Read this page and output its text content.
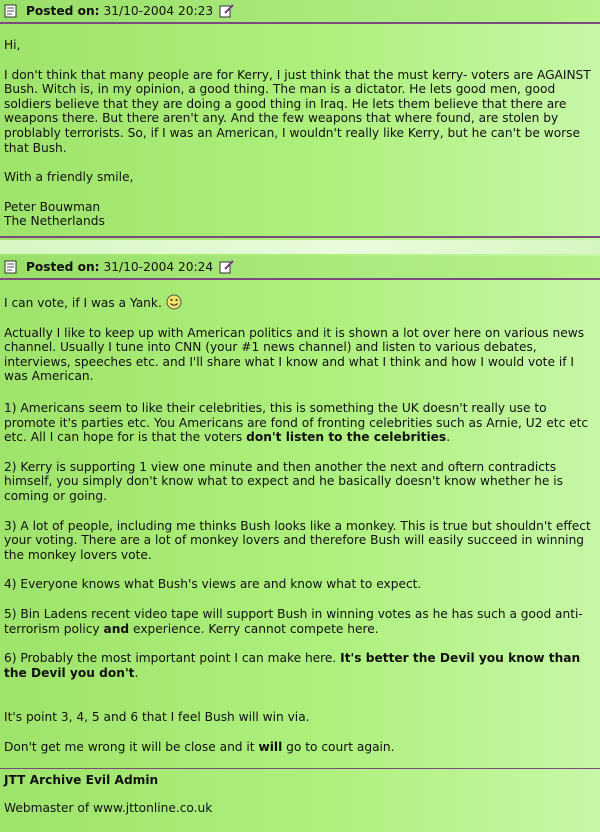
Posted on: 31/10-2004 20:23

Hi,

I don't think that many people are for Kerry, I just think that the must kerry- voters are AGAINST Bush. Witch is, in my opinion, a good thing. The man is a dictator. He lets good men, good soldiers believe that they are doing a good thing in Iraq. He lets them believe that there are weapons there. But there aren't any. And the few weapons that where found, are stolen by problably terrorists. So, if I was an American, I wouldn't really like Kerry, but he can't be worse that Bush.

With a friendly smile,

Peter Bouwman

The Netherlands

Posted on: 31/10-2004 20:24

I can vote, if I was a Yank.

Actually I like to keep up with American politics and it is shown a lot over here on various news channel. Usually I tune into CNN (your #1 news channel) and listen to various debates, interviews, speeches etc. and I'll share what I know and what I think and how I would vote if I was American.

1) Americans seem to like their celebrities, this is something the UK doesn't really use to promote it's parties etc. You Americans are fond of fronting celebrities such as Arnie, U2 etc etc etc. All I can hope for is that the voters don't listen to the celebrities.

2) Kerry is supporting 1 view one minute and then another the next and oftern contradicts himself, you simply don't know what to expect and he basically doesn't know whether he is coming or going.

3) A lot of people, including me thinks Bush looks like a monkey. This is true but shouldn't effect your voting. There are a lot of monkey lovers and therefore Bush will easily succeed in winning the monkey lovers vote.

4) Everyone knows what Bush's views are and know what to expect.

5) Bin Ladens recent video tape will support Bush in winning votes as he has such a good anti-terrorism policy and experience. Kerry cannot compete here.

6) Probably the most important point I can make here. It's better the Devil you know than the Devil you don't.

It's point 3, 4, 5 and 6 that I feel Bush will win via.

Don't get me wrong it will be close and it will go to court again.

JTT Archive Evil Admin

Webmaster of www.jttonline.co.uk
